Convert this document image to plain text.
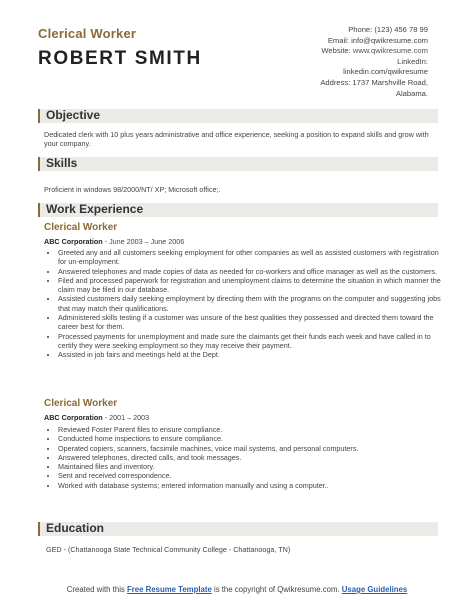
Clerical Worker
ROBERT SMITH
Phone: (123) 456 78 99
Email: info@qwikresume.com
Website: www.qwikresume.com
LinkedIn:
linkedin.com/qwikresume
Address: 1737 Marshville Road,
Alabama.
Objective
Dedicated clerk with 10 plus years administrative and office experience, seeking a position to expand skills and grow with your company.
Skills
Proficient in windows 98/2000/NT/ XP; Microsoft office;.
Work Experience
Clerical Worker
ABC Corporation - June 2003 – June 2006
• Greeted any and all customers seeking employment for other companies as well as assisted customers with registration for un-employment.
• Answered telephones and made copies of data as needed for co-workers and office manager as well as the customers.
• Filed and processed paperwork for registration and unemployment claims to determine the situation in which manner the claim may be filed in our database.
• Assisted customers daily seeking employment by directing them with the programs on the computer and suggesting jobs that may match their qualifications.
• Administered skills testing if a customer was unsure of the best qualities they possessed and directed them toward the career best for them.
• Processed payments for unemployment and made sure the claimants get their funds each week and have called in to certify they were seeking employment so they may receive their payment.
• Assisted in job fairs and meetings held at the Dept.
Clerical Worker
ABC Corporation - 2001 – 2003
• Reviewed Foster Parent files to ensure compliance.
• Conducted home inspections to ensure compliance.
• Operated copiers, scanners, facsimile machines, voice mail systems, and personal computers.
• Answered telephones, directed calls, and took messages.
• Maintained files and inventory.
• Sent and received correspondence.
• Worked with database systems; entered information manually and using a computer..
Education
GED - (Chattanooga State Technical Community College - Chattanooga, TN)
Created with this Free Resume Template is the copyright of Qwikresume.com. Usage Guidelines
